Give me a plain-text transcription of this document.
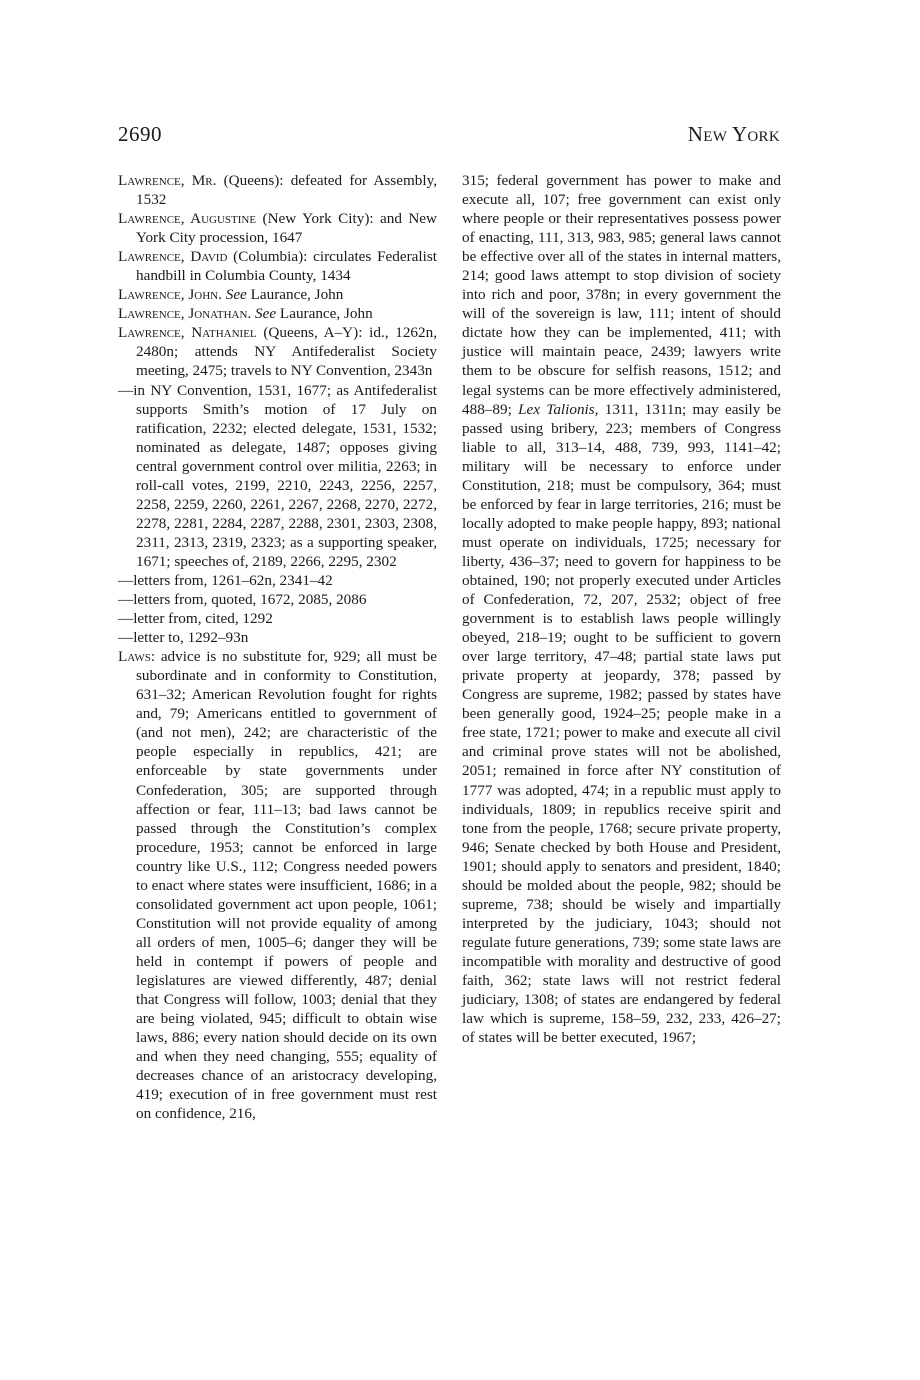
2690	New York

Lawrence, Mr. (Queens): defeated for Assembly, 1532

Lawrence, Augustine (New York City): and New York City procession, 1647

Lawrence, David (Columbia): circulates Federalist handbill in Columbia County, 1434

Lawrence, John. See Laurance, John

Lawrence, Jonathan. See Laurance, John

Lawrence, Nathaniel (Queens, A–Y): id., 1262n, 2480n; attends NY Antifederalist Society meeting, 2475; travels to NY Convention, 2343n

—in NY Convention, 1531, 1677; as Antifederalist supports Smith’s motion of 17 July on ratification, 2232; elected delegate, 1531, 1532; nominated as delegate, 1487; opposes giving central government control over militia, 2263; in roll-call votes, 2199, 2210, 2243, 2256, 2257, 2258, 2259, 2260, 2261, 2267, 2268, 2270, 2272, 2278, 2281, 2284, 2287, 2288, 2301, 2303, 2308, 2311, 2313, 2319, 2323; as a supporting speaker, 1671; speeches of, 2189, 2266, 2295, 2302

—letters from, 1261–62n, 2341–42

—letters from, quoted, 1672, 2085, 2086

—letter from, cited, 1292

—letter to, 1292–93n

Laws: advice is no substitute for, 929; all must be subordinate and in conformity to Constitution, 631–32; American Revolution fought for rights and, 79; Americans entitled to government of (and not men), 242; are characteristic of the people especially in republics, 421; are enforceable by state governments under Confederation, 305; are supported through affection or fear, 111–13; bad laws cannot be passed through the Constitution’s complex procedure, 1953; cannot be enforced in large country like U.S., 112; Congress needed powers to enact where states were insufficient, 1686; in a consolidated government act upon people, 1061; Constitution will not provide equality of among all orders of men, 1005–6; danger they will be held in contempt if powers of people and legislatures are viewed differently, 487; denial that Congress will follow, 1003; denial that they are being violated, 945; difficult to obtain wise laws, 886; every nation should decide on its own and when they need changing, 555; equality of decreases chance of an aristocracy developing, 419; execution of in free government must rest on confidence, 216,

315; federal government has power to make and execute all, 107; free government can exist only where people or their representatives possess power of enacting, 111, 313, 983, 985; general laws cannot be effective over all of the states in internal matters, 214; good laws attempt to stop division of society into rich and poor, 378n; in every government the will of the sovereign is law, 111; intent of should dictate how they can be implemented, 411; with justice will maintain peace, 2439; lawyers write them to be obscure for selfish reasons, 1512; and legal systems can be more effectively administered, 488–89; Lex Talionis, 1311, 1311n; may easily be passed using bribery, 223; members of Congress liable to all, 313–14, 488, 739, 993, 1141–42; military will be necessary to enforce under Constitution, 218; must be compulsory, 364; must be enforced by fear in large territories, 216; must be locally adopted to make people happy, 893; national must operate on individuals, 1725; necessary for liberty, 436–37; need to govern for happiness to be obtained, 190; not properly executed under Articles of Confederation, 72, 207, 2532; object of free government is to establish laws people willingly obeyed, 218–19; ought to be sufficient to govern over large territory, 47–48; partial state laws put private property at jeopardy, 378; passed by Congress are supreme, 1982; passed by states have been generally good, 1924–25; people make in a free state, 1721; power to make and execute all civil and criminal prove states will not be abolished, 2051; remained in force after NY constitution of 1777 was adopted, 474; in a republic must apply to individuals, 1809; in republics receive spirit and tone from the people, 1768; secure private property, 946; Senate checked by both House and President, 1901; should apply to senators and president, 1840; should be molded about the people, 982; should be supreme, 738; should be wisely and impartially interpreted by the judiciary, 1043; should not regulate future generations, 739; some state laws are incompatible with morality and destructive of good faith, 362; state laws will not restrict federal judiciary, 1308; of states are endangered by federal law which is supreme, 158–59, 232, 233, 426–27; of states will be better executed, 1967;
